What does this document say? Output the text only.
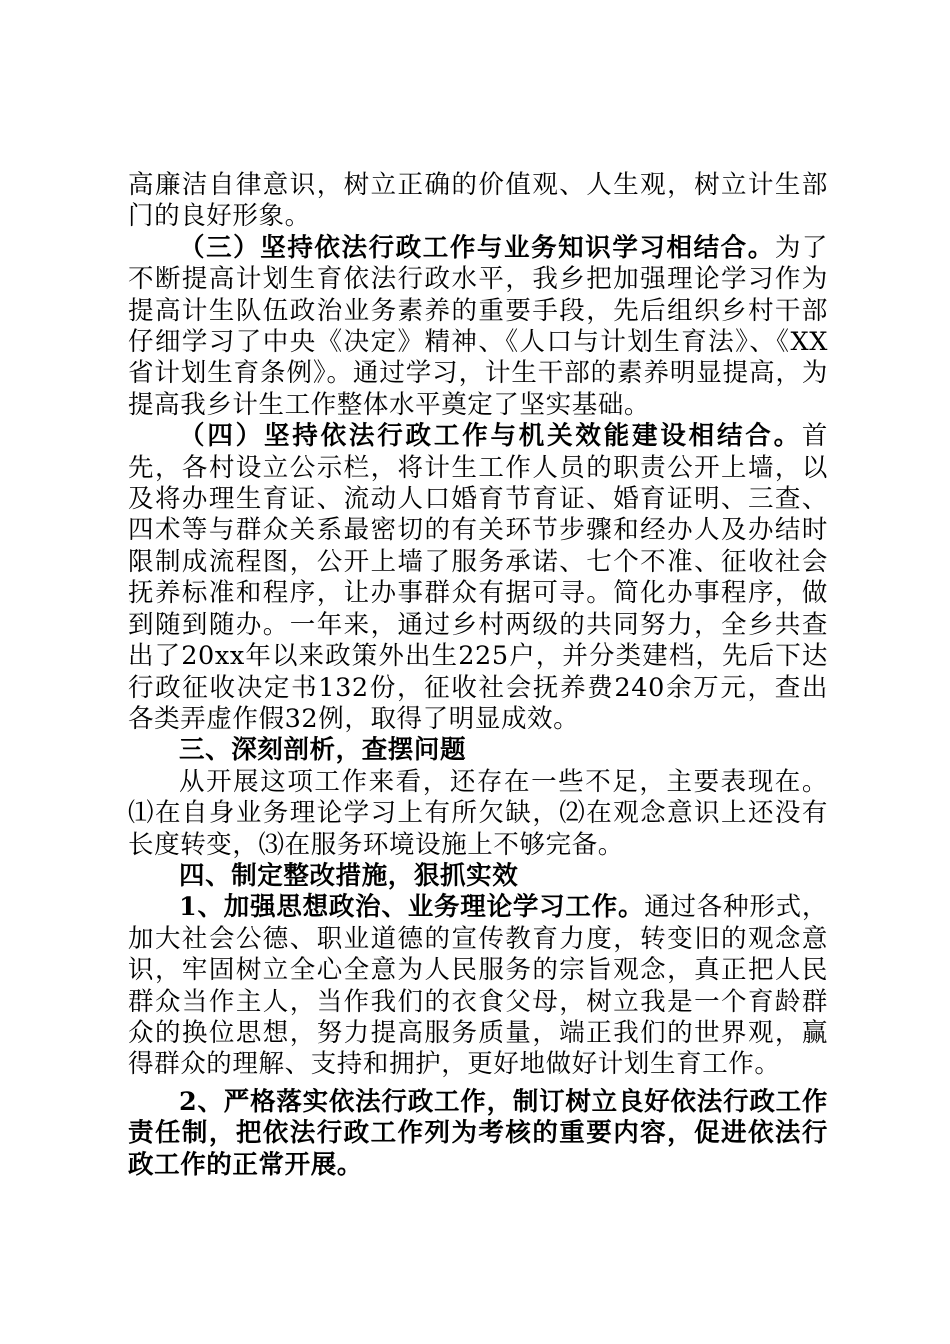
高廉洁自律意识，树立正确的价值观、人生观，树立计生部门的良好形象。

（三）坚持依法行政工作与业务知识学习相结合。为了不断提高计划生育依法行政水平，我乡把加强理论学习作为提高计生队伍政治业务素养的重要手段，先后组织乡村干部仔细学习了中央《决定》精神、《人口与计划生育法》、《XX省计划生育条例》。通过学习，计生干部的素养明显提高，为提高我乡计生工作整体水平奠定了坚实基础。

（四）坚持依法行政工作与机关效能建设相结合。首先，各村设立公示栏，将计生工作人员的职责公开上墙，以及将办理生育证、流动人口婚育节育证、婚育证明、三查、四术等与群众关系最密切的有关环节步骤和经办人及办结时限制成流程图，公开上墙了服务承诺、七个不准、征收社会抚养标准和程序，让办事群众有据可寻。简化办事程序，做到随到随办。一年来，通过乡村两级的共同努力，全乡共查出了20xx年以来政策外出生225户，并分类建档，先后下达行政征收决定书132份，征收社会抚养费240余万元，查出各类弄虚作假32例，取得了明显成效。

三、深刻剖析，查摆问题

从开展这项工作来看，还存在一些不足，主要表现在。⑴在自身业务理论学习上有所欠缺，⑵在观念意识上还没有长度转变，⑶在服务环境设施上不够完备。

四、制定整改措施，狠抓实效

1、加强思想政治、业务理论学习工作。通过各种形式，加大社会公德、职业道德的宣传教育力度，转变旧的观念意识，牢固树立全心全意为人民服务的宗旨观念，真正把人民群众当作主人，当作我们的衣食父母，树立我是一个育龄群众的换位思想，努力提高服务质量，端正我们的世界观，赢得群众的理解、支持和拥护，更好地做好计划生育工作。

2、严格落实依法行政工作，制订树立良好依法行政工作责任制，把依法行政工作列为考核的重要内容，促进依法行政工作的正常开展。
